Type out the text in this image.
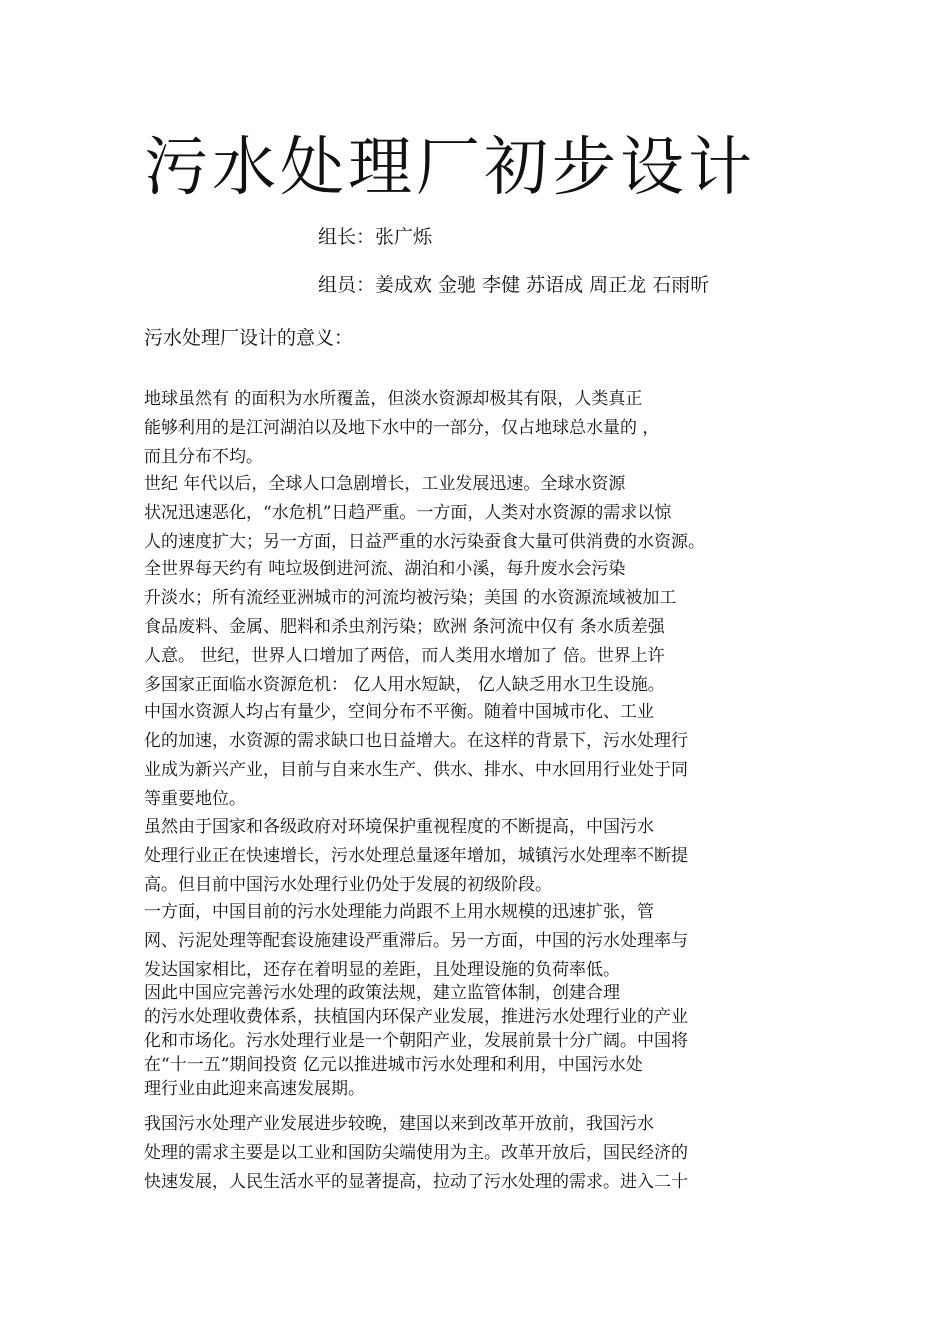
污水处理厂初步设计
组长：张广烁
组员：姜成欢 金驰 李健 苏语成 周正龙 石雨昕
污水处理厂设计的意义：

地球虽然有 的面积为水所覆盖，但淡水资源却极其有限，人类真正
能够利用的是江河湖泊以及地下水中的一部分，仅占地球总水量的 ，
而且分布不均。

世纪 年代以后，全球人口急剧增长，工业发展迅速。全球水资源
状况迅速恶化，“水危机”日趋严重。一方面，人类对水资源的需求以惊
人的速度扩大；另一方面，日益严重的水污染蚕食大量可供消费的水资源。

全世界每天约有 吨垃圾倒进河流、湖泊和小溪，每升废水会污染
升淡水；所有流经亚洲城市的河流均被污染；美国 的水资源流域被加工
食品废料、金属、肥料和杀虫剂污染；欧洲 条河流中仅有 条水质差强
人意。 世纪，世界人口增加了两倍，而人类用水增加了 倍。世界上许
多国家正面临水资源危机： 亿人用水短缺， 亿人缺乏用水卫生设施。

中国水资源人均占有量少，空间分布不平衡。随着中国城市化、工业
化的加速，水资源的需求缺口也日益增大。在这样的背景下，污水处理行
业成为新兴产业，目前与自来水生产、供水、排水、中水回用行业处于同
等重要地位。

虽然由于国家和各级政府对环境保护重视程度的不断提高，中国污水
处理行业正在快速增长，污水处理总量逐年增加，城镇污水处理率不断提
高。但目前中国污水处理行业仍处于发展的初级阶段。

一方面，中国目前的污水处理能力尚跟不上用水规模的迅速扩张，管
网、污泥处理等配套设施建设严重滞后。另一方面，中国的污水处理率与
发达国家相比，还存在着明显的差距，且处理设施的负荷率低。

因此中国应完善污水处理的政策法规，建立监管体制，创建合理
的污水处理收费体系，扶植国内环保产业发展，推进污水处理行业的产业
化和市场化。污水处理行业是一个朝阳产业，发展前景十分广阔。中国将
在“十一五”期间投资 亿元以推进城市污水处理和利用，中国污水处
理行业由此迎来高速发展期。

我国污水处理产业发展进步较晚，建国以来到改革开放前，我国污水
处理的需求主要是以工业和国防尖端使用为主。改革开放后，国民经济的
快速发展，人民生活水平的显著提高，拉动了污水处理的需求。进入二十
